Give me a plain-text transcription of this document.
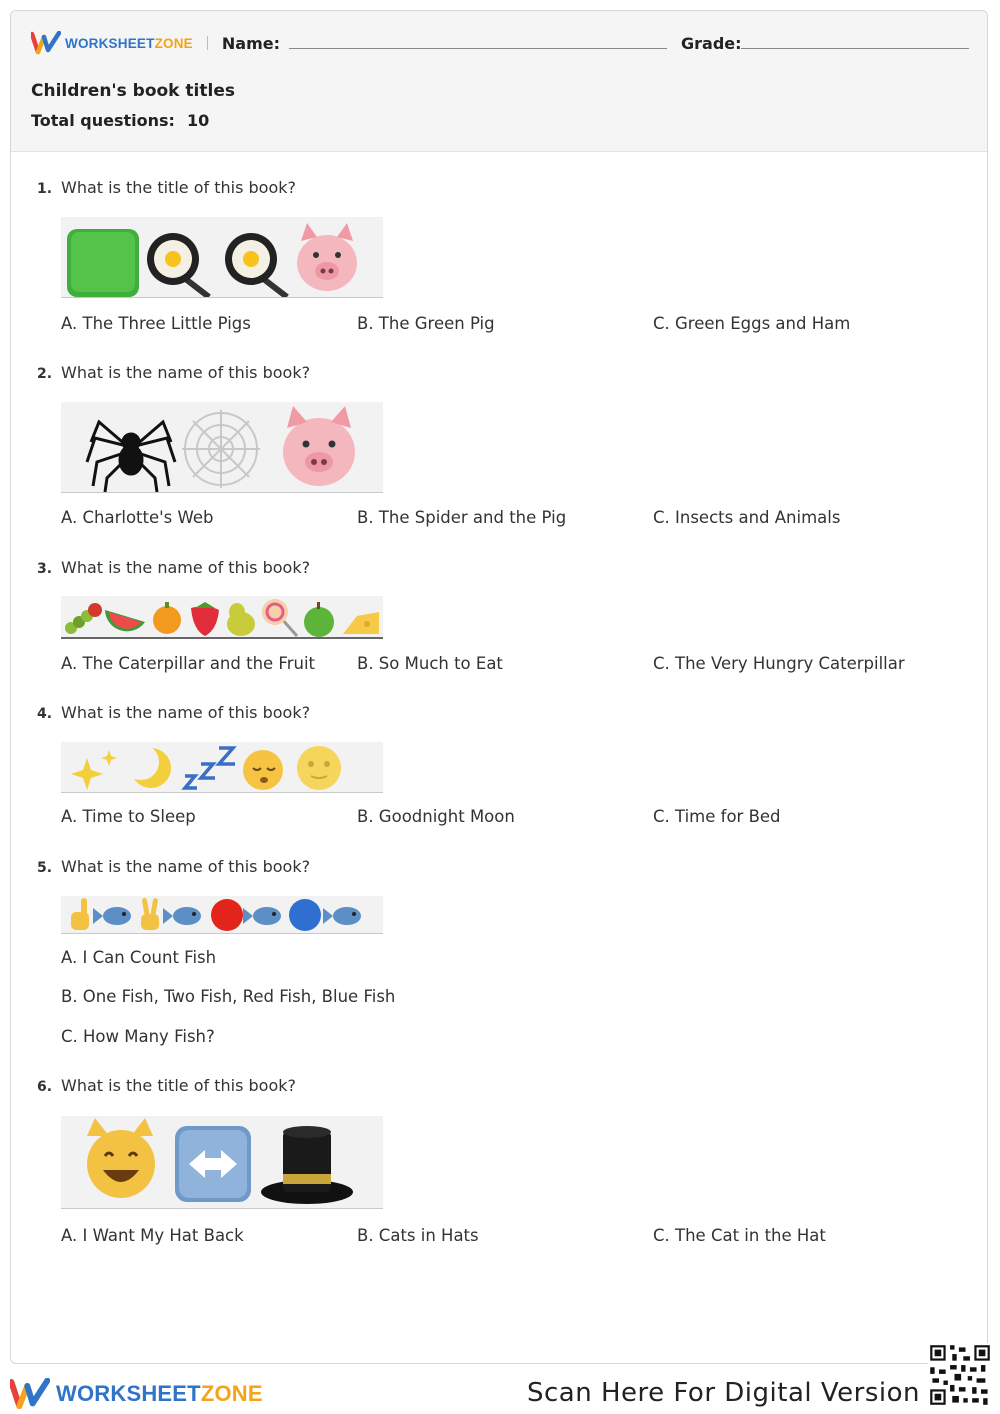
WORKSHEETZONE Name:	Grade:
Children's book titles
Total questions: 10
1. What is the title of this book?
A. The Three Little Pigs	B. The Green Pig	C. Green Eggs and Ham
2. What is the name of this book?
A. Charlotte's Web	B. The Spider and the Pig	C. Insects and Animals
3. What is the name of this book?
A. The Caterpillar and the Fruit	B. So Much to Eat	C. The Very Hungry Caterpillar
4. What is the name of this book?
A. Time to Sleep	B. Goodnight Moon	C. Time for Bed
5. What is the name of this book?
A. I Can Count Fish
B. One Fish, Two Fish, Red Fish, Blue Fish
C. How Many Fish?
6. What is the title of this book?
A. I Want My Hat Back	B. Cats in Hats	C. The Cat in the Hat
WORKSHEETZONE	Scan Here For Digital Version
